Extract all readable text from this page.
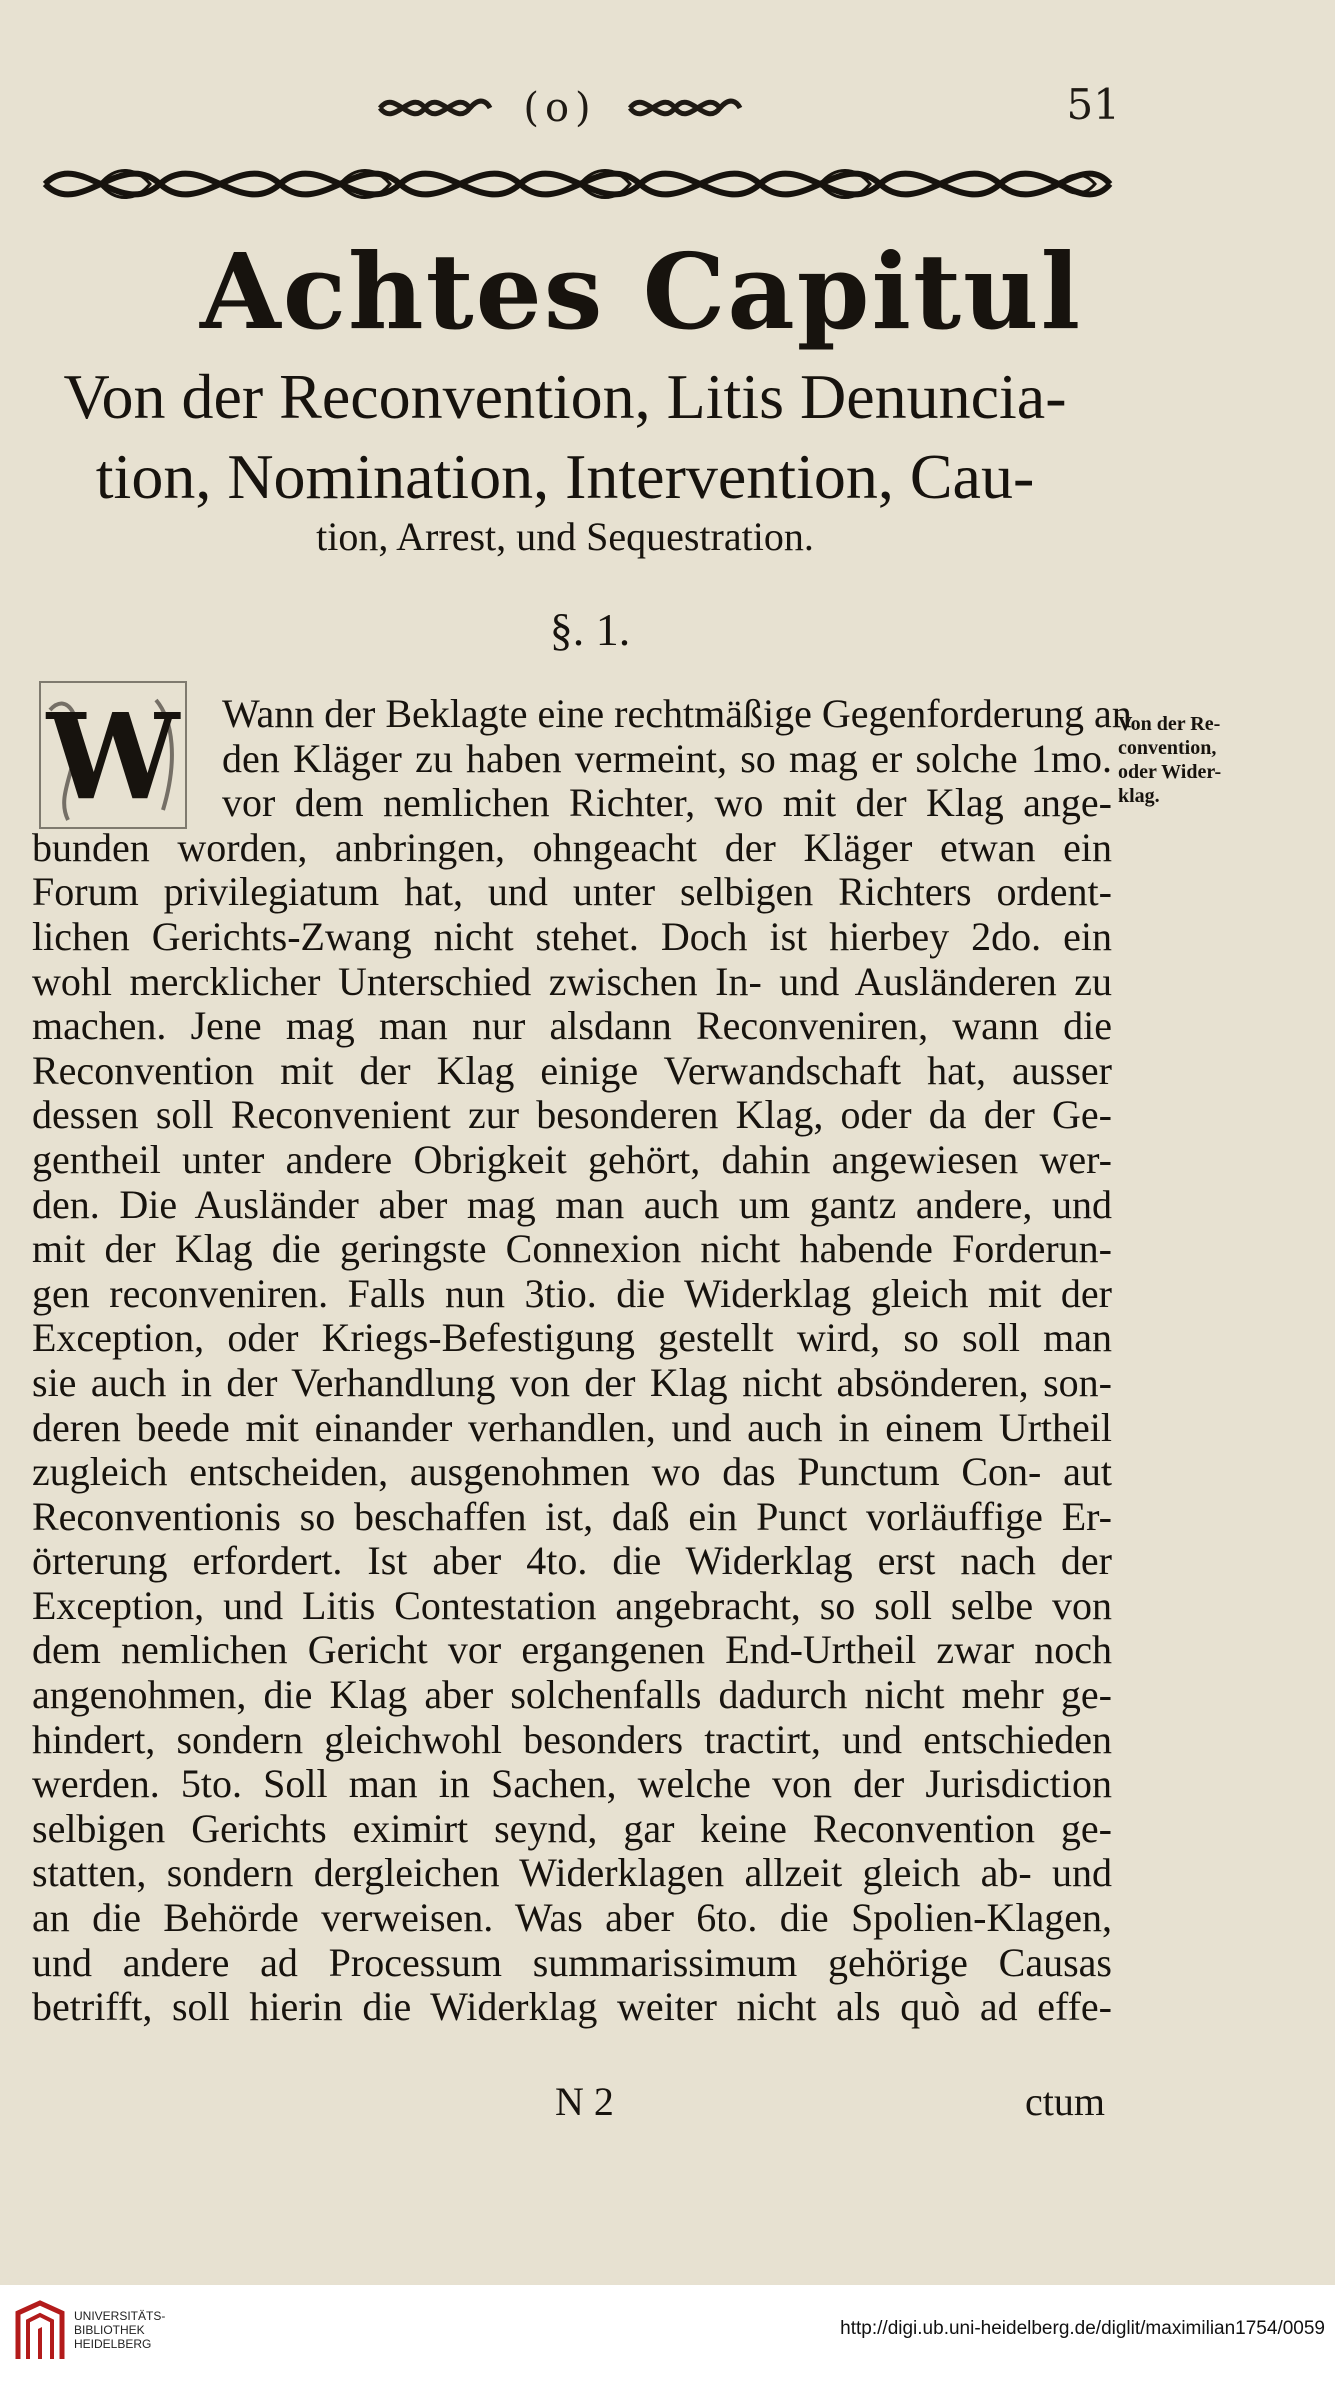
(o)	51
Achtes Capitul
Von der Reconvention, Litis Denuncia-
tion, Nomination, Intervention, Cau-
tion, Arrest, und Sequestration.
§. 1.
W	Von der Re-
convention,
oder Wider-
klag.
Wann der Beklagte eine rechtmäßige Gegenforderung an
den Kläger zu haben vermeint, so mag er solche 1mo.
vor dem nemlichen Richter, wo mit der Klag ange-
bunden worden, anbringen, ohngeacht der Kläger etwan ein
Forum privilegiatum hat, und unter selbigen Richters ordent-
lichen Gerichts-Zwang nicht stehet. Doch ist hierbey 2do. ein
wohl mercklicher Unterschied zwischen In- und Ausländeren zu
machen. Jene mag man nur alsdann Reconveniren, wann die
Reconvention mit der Klag einige Verwandschaft hat, ausser
dessen soll Reconvenient zur besonderen Klag, oder da der Ge-
gentheil unter andere Obrigkeit gehört, dahin angewiesen wer-
den. Die Ausländer aber mag man auch um gantz andere, und
mit der Klag die geringste Connexion nicht habende Forderun-
gen reconveniren. Falls nun 3tio. die Widerklag gleich mit der
Exception, oder Kriegs-Befestigung gestellt wird, so soll man
sie auch in der Verhandlung von der Klag nicht absönderen, son-
deren beede mit einander verhandlen, und auch in einem Urtheil
zugleich entscheiden, ausgenohmen wo das Punctum Con- aut
Reconventionis so beschaffen ist, daß ein Punct vorläuffige Er-
örterung erfordert. Ist aber 4to. die Widerklag erst nach der
Exception, und Litis Contestation angebracht, so soll selbe von
dem nemlichen Gericht vor ergangenen End-Urtheil zwar noch
angenohmen, die Klag aber solchenfalls dadurch nicht mehr ge-
hindert, sondern gleichwohl besonders tractirt, und entschieden
werden. 5to. Soll man in Sachen, welche von der Jurisdiction
selbigen Gerichts eximirt seynd, gar keine Reconvention ge-
statten, sondern dergleichen Widerklagen allzeit gleich ab- und
an die Behörde verweisen. Was aber 6to. die Spolien-Klagen,
und andere ad Processum summarissimum gehörige Causas
betrifft, soll hierin die Widerklag weiter nicht als quò ad effe-
N 2	ctum
UNIVERSITÄTS-
BIBLIOTHEK
HEIDELBERG
http://digi.ub.uni-heidelberg.de/diglit/maximilian1754/0059
